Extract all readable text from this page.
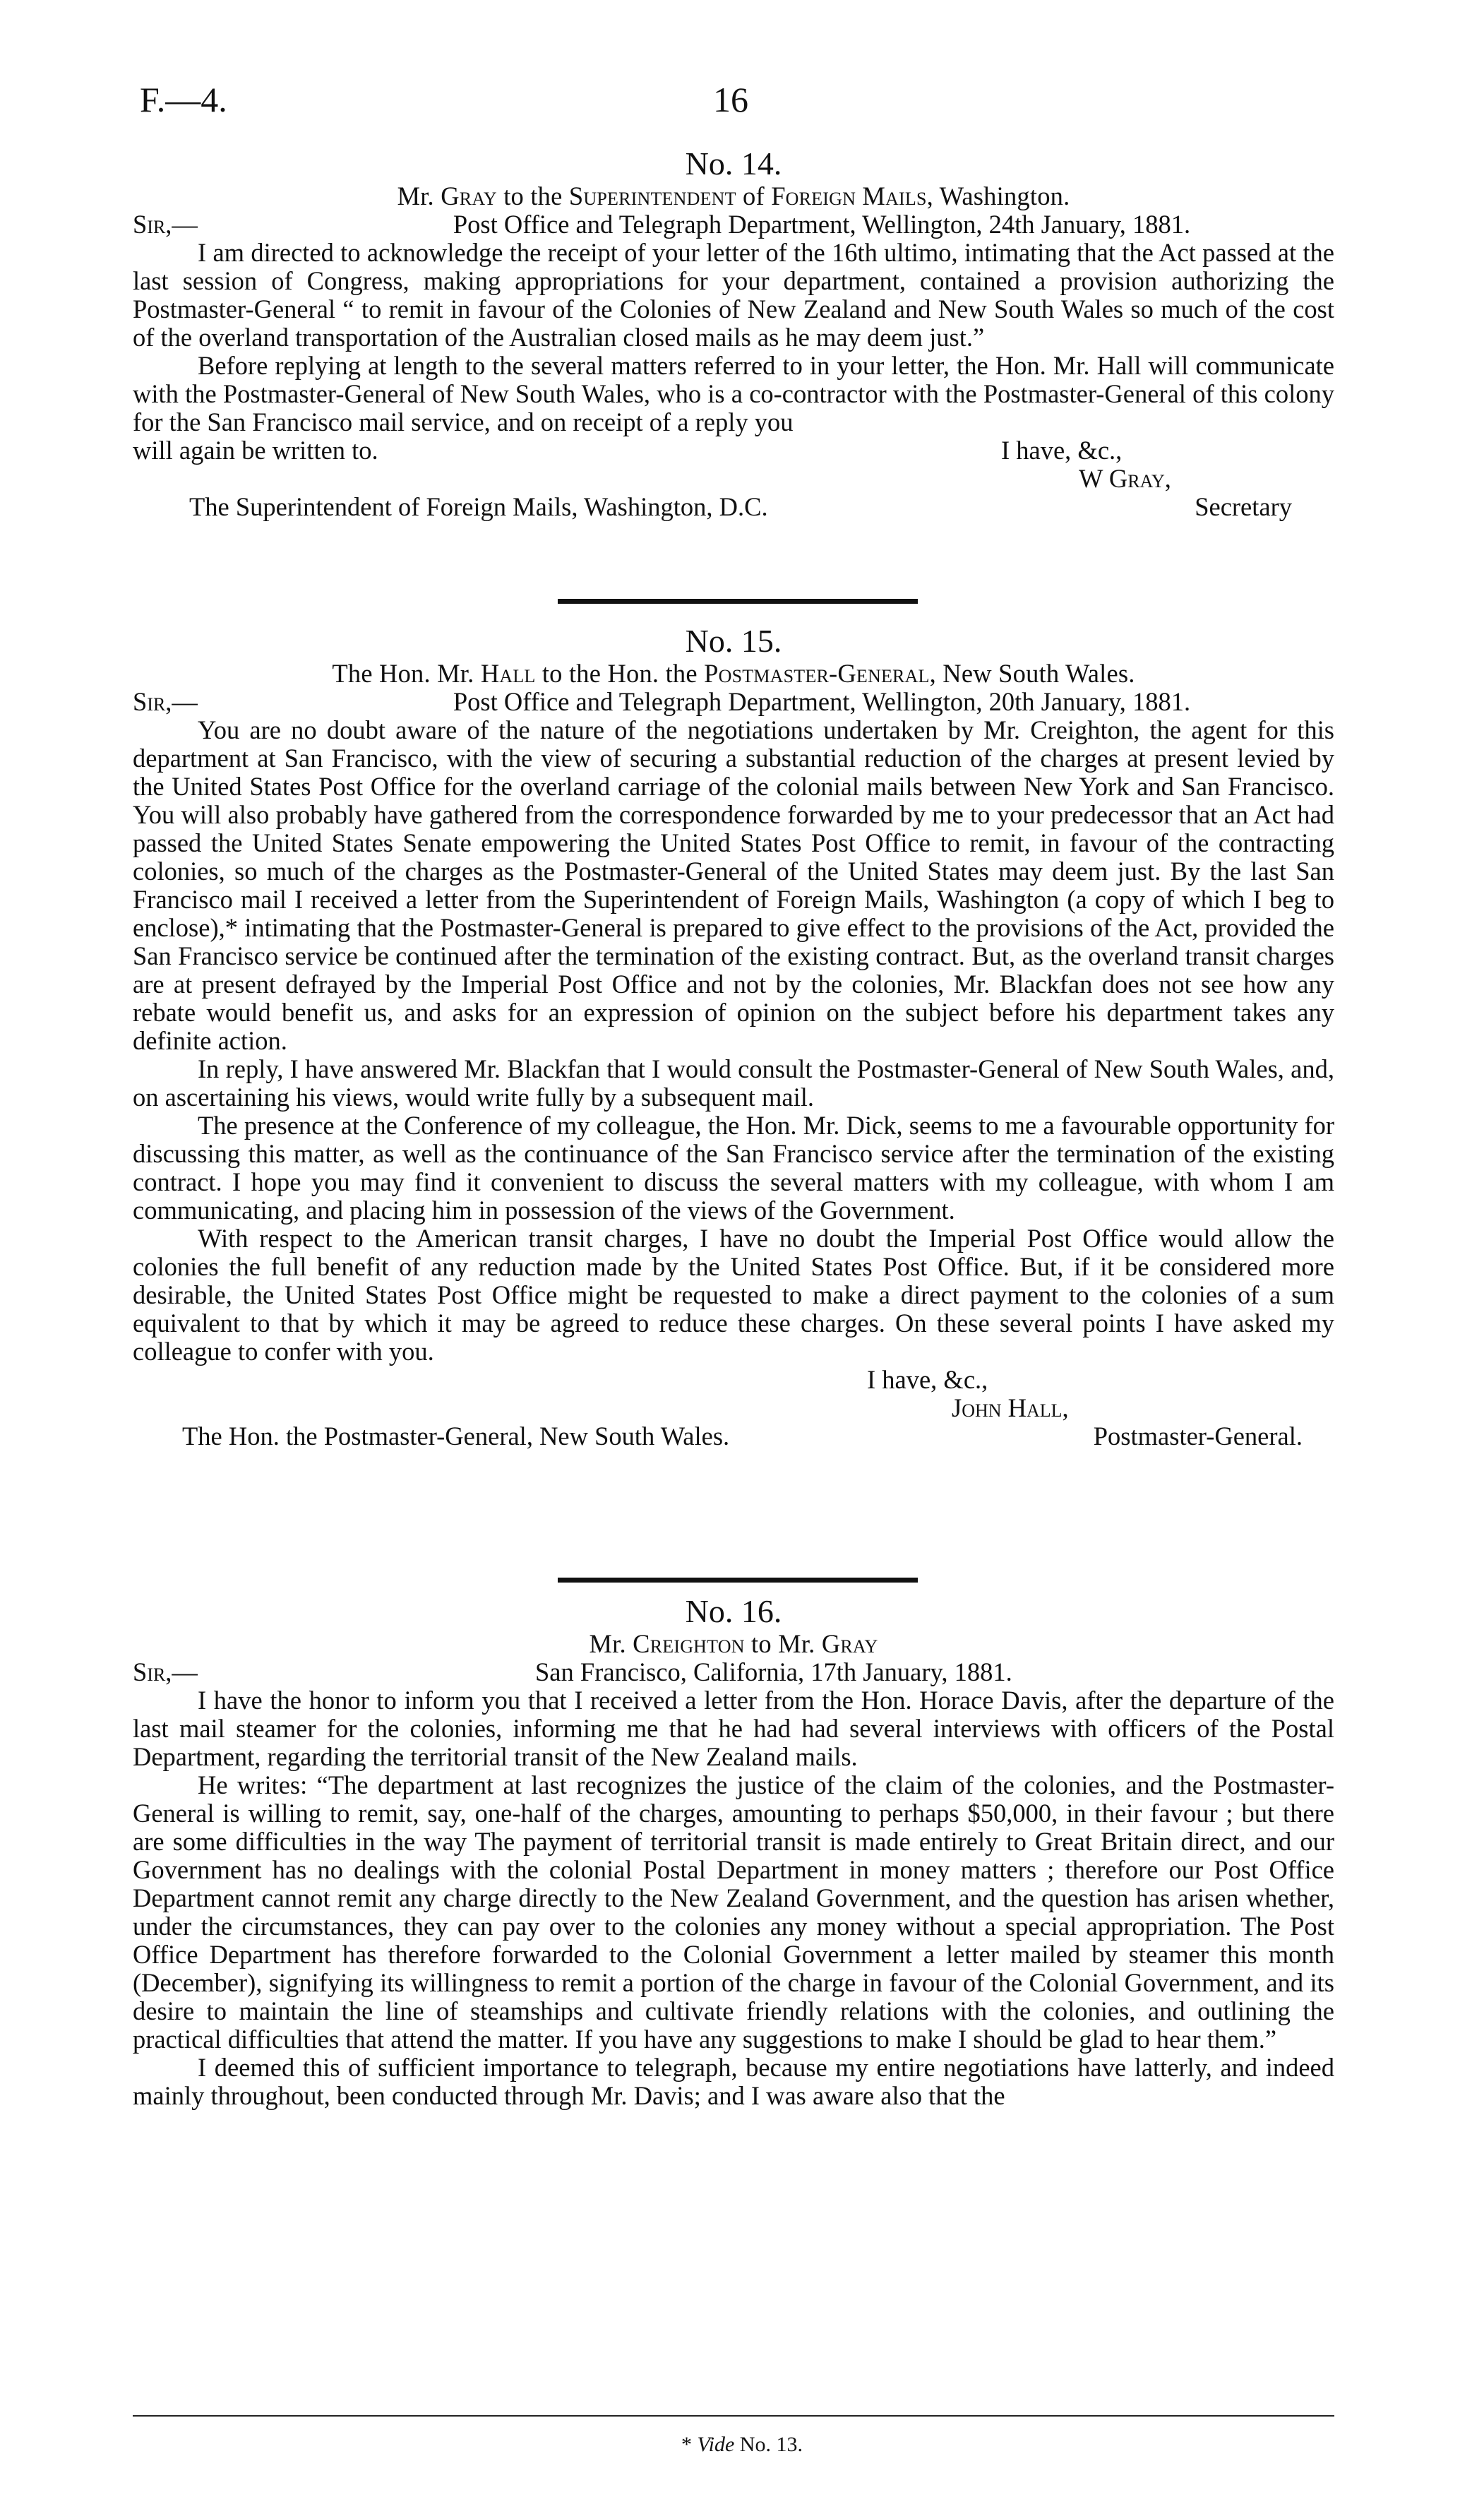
F.—4.	16

No. 14.

Mr. Gray to the Superintendent of Foreign Mails, Washington.

Sir,—	Post Office and Telegraph Department, Wellington, 24th January, 1881.

I am directed to acknowledge the receipt of your letter of the 16th ultimo, intimating that the Act passed at the last session of Congress, making appropriations for your department, contained a provision authorizing the Postmaster-General “ to remit in favour of the Colonies of New Zealand and New South Wales so much of the cost of the overland transportation of the Australian closed mails as he may deem just.”

Before replying at length to the several matters referred to in your letter, the Hon. Mr. Hall will communicate with the Postmaster-General of New South Wales, who is a co-contractor with the Postmaster-General of this colony for the San Francisco mail service, and on receipt of a reply you

will again be written to.	I have, &c.,
W Gray,
The Superintendent of Foreign Mails, Washington, D.C.	Secretary

No. 15.

The Hon. Mr. Hall to the Hon. the Postmaster-General, New South Wales.

Sir,—	Post Office and Telegraph Department, Wellington, 20th January, 1881.

You are no doubt aware of the nature of the negotiations undertaken by Mr. Creighton, the agent for this department at San Francisco, with the view of securing a substantial reduction of the charges at present levied by the United States Post Office for the overland carriage of the colonial mails between New York and San Francisco. You will also probably have gathered from the correspondence forwarded by me to your predecessor that an Act had passed the United States Senate empowering the United States Post Office to remit, in favour of the contracting colonies, so much of the charges as the Postmaster-General of the United States may deem just. By the last San Francisco mail I received a letter from the Superintendent of Foreign Mails, Washington (a copy of which I beg to enclose),* intimating that the Postmaster-General is prepared to give effect to the provisions of the Act, provided the San Francisco service be continued after the termination of the existing contract. But, as the overland transit charges are at present defrayed by the Imperial Post Office and not by the colonies, Mr. Blackfan does not see how any rebate would benefit us, and asks for an expression of opinion on the subject before his department takes any definite action.

In reply, I have answered Mr. Blackfan that I would consult the Postmaster-General of New South Wales, and, on ascertaining his views, would write fully by a subsequent mail.

The presence at the Conference of my colleague, the Hon. Mr. Dick, seems to me a favourable opportunity for discussing this matter, as well as the continuance of the San Francisco service after the termination of the existing contract. I hope you may find it convenient to discuss the several matters with my colleague, with whom I am communicating, and placing him in possession of the views of the Government.

With respect to the American transit charges, I have no doubt the Imperial Post Office would allow the colonies the full benefit of any reduction made by the United States Post Office. But, if it be considered more desirable, the United States Post Office might be requested to make a direct payment to the colonies of a sum equivalent to that by which it may be agreed to reduce these charges. On these several points I have asked my colleague to confer with you.

I have, &c.,
John Hall,
The Hon. the Postmaster-General, New South Wales.	Postmaster-General.

No. 16.

Mr. Creighton to Mr. Gray

Sir,—	San Francisco, California, 17th January, 1881.

I have the honor to inform you that I received a letter from the Hon. Horace Davis, after the departure of the last mail steamer for the colonies, informing me that he had had several interviews with officers of the Postal Department, regarding the territorial transit of the New Zealand mails.

He writes: “The department at last recognizes the justice of the claim of the colonies, and the Postmaster-General is willing to remit, say, one-half of the charges, amounting to perhaps $50,000, in their favour ; but there are some difficulties in the way The payment of territorial transit is made entirely to Great Britain direct, and our Government has no dealings with the colonial Postal Department in money matters ; therefore our Post Office Department cannot remit any charge directly to the New Zealand Government, and the question has arisen whether, under the circumstances, they can pay over to the colonies any money without a special appropriation. The Post Office Department has therefore forwarded to the Colonial Government a letter mailed by steamer this month (December), signifying its willingness to remit a portion of the charge in favour of the Colonial Government, and its desire to maintain the line of steamships and cultivate friendly relations with the colonies, and outlining the practical difficulties that attend the matter. If you have any suggestions to make I should be glad to hear them.”

I deemed this of sufficient importance to telegraph, because my entire negotiations have latterly, and indeed mainly throughout, been conducted through Mr. Davis; and I was aware also that the

* Vide No. 13.
